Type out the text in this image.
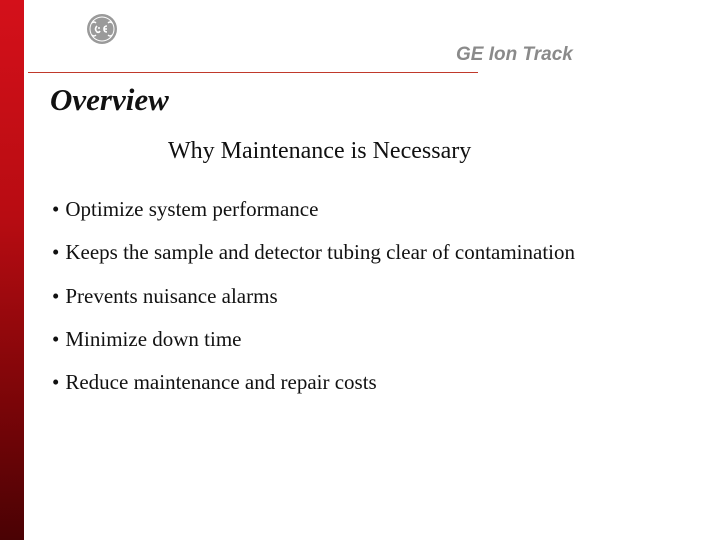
GE Ion Track
Overview
Why Maintenance is Necessary
• Optimize system performance
• Keeps the sample and detector tubing clear of contamination
• Prevents nuisance alarms
• Minimize down time
• Reduce maintenance and repair costs
